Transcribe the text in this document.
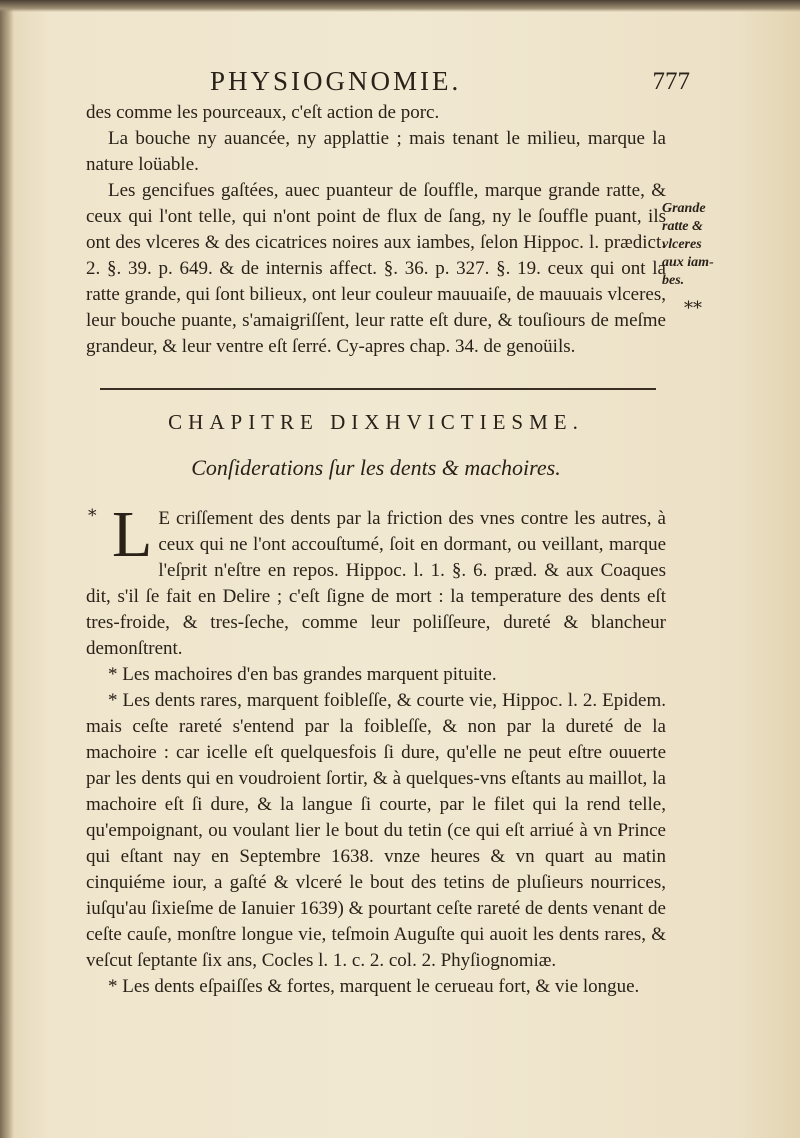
PHYSIOGNOMIE.	777

des comme les pourceaux, c'eſt action de porc.

La bouche ny auancée, ny applattie ; mais tenant le milieu, marque la nature loüable.

Les gencifues gaſtées, auec puanteur de ſouffle, marque grande ratte, & ceux qui l'ont telle, qui n'ont point de flux de ſang, ny le ſouffle puant, ils ont des vlceres & des cicatrices noires aux iambes, ſelon Hippoc. l. prædict. 2. §. 39. p. 649. & de internis affect. §. 36. p. 327. §. 19. ceux qui ont la ratte grande, qui ſont bilieux, ont leur couleur mauuaiſe, de mauuais vlceres, leur bouche puante, s'amaigriſſent, leur ratte eſt dure, & touſiours de meſme grandeur, & leur ventre eſt ſerré. Cy-apres chap. 34. de genoüils.

Grande
ratte &
vlceres
aux iam-
bes.
**
CHAPITRE DIXHVICTIESME.
Conſiderations ſur les dents & machoires.
* L E criſſement des dents par la friction des vnes contre les autres, à ceux qui ne l'ont accouſtumé, ſoit en dormant, ou veillant, marque l'eſprit n'eſtre en repos. Hippoc. l. 1. §. 6. prӕd. & aux Coaques dit, s'il ſe fait en Delire ; c'eſt ſigne de mort : la temperature des dents eſt tres-froide, & tres-ſeche, comme leur poliſſeure, dureté & blancheur demonſtrent.

* Les machoires d'en bas grandes marquent pituite.

* Les dents rares, marquent foibleſſe, & courte vie, Hippoc. l. 2. Epidem. mais ceſte rareté s'entend par la foibleſſe, & non par la dureté de la machoire : car icelle eſt quelquesfois ſi dure, qu'elle ne peut eſtre ouuerte par les dents qui en voudroient ſortir, & à quelques-vns eſtants au maillot, la machoire eſt ſi dure, & la langue ſi courte, par le filet qui la rend telle, qu'empoignant, ou voulant lier le bout du tetin (ce qui eſt arriué à vn Prince qui eſtant nay en Septembre 1638. vnze heures & vn quart au matin cinquiéme iour, a gaſté & vlceré le bout des tetins de pluſieurs nourrices, iuſqu'au ſixieſme de Ianuier 1639) & pourtant ceſte rareté de dents venant de ceſte cauſe, monſtre longue vie, teſmoin Auguſte qui auoit les dents rares, & veſcut ſeptante ſix ans, Cocles l. 1. c. 2. col. 2. Phyſiognomiӕ.

* Les dents eſpaiſſes & fortes, marquent le cerueau fort, & vie longue.
